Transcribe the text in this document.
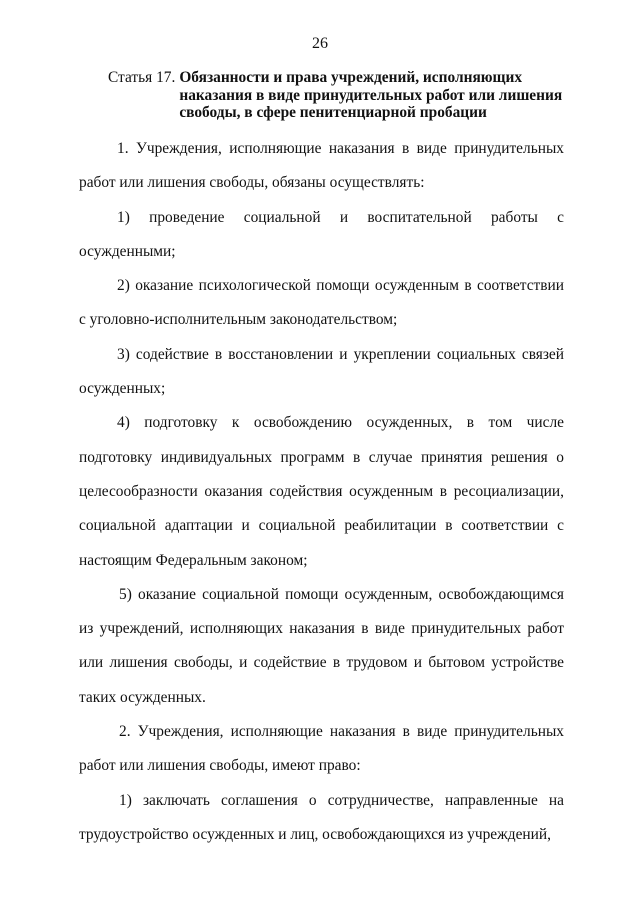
26
Статья 17. Обязанности и права учреждений, исполняющих
наказания в виде принудительных работ или лишения
свободы, в сфере пенитенциарной пробации

1. Учреждения, исполняющие наказания в виде принудительных работ или лишения свободы, обязаны осуществлять:

1) проведение социальной и воспитательной работы с осужденными;

2) оказание психологической помощи осужденным в соответствии с уголовно-исполнительным законодательством;

3) содействие в восстановлении и укреплении социальных связей осужденных;

4) подготовку к освобождению осужденных, в том числе подготовку индивидуальных программ в случае принятия решения о целесообразности оказания содействия осужденным в ресоциализации, социальной адаптации и социальной реабилитации в соответствии с настоящим Федеральным законом;

5) оказание социальной помощи осужденным, освобождающимся из учреждений, исполняющих наказания в виде принудительных работ или лишения свободы, и содействие в трудовом и бытовом устройстве таких осужденных.

2. Учреждения, исполняющие наказания в виде принудительных работ или лишения свободы, имеют право:

1) заключать соглашения о сотрудничестве, направленные на трудоустройство осужденных и лиц, освобождающихся из учреждений,
